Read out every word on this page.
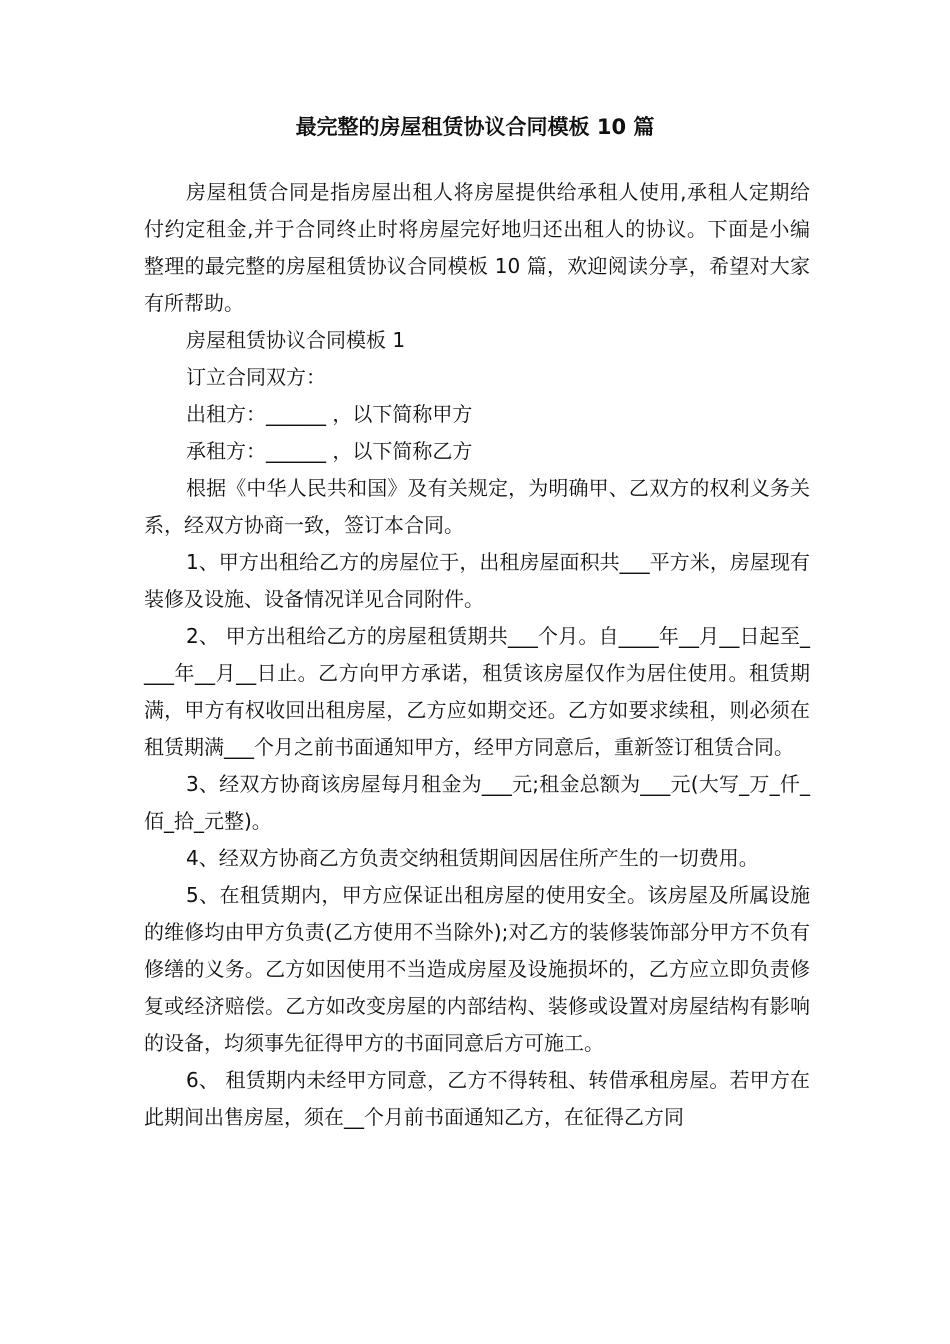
最完整的房屋租赁协议合同模板 10 篇

房屋租赁合同是指房屋出租人将房屋提供给承租人使用,承租人定期给付约定租金,并于合同终止时将房屋完好地归还出租人的协议。下面是小编整理的最完整的房屋租赁协议合同模板 10 篇，欢迎阅读分享，希望对大家有所帮助。

房屋租赁协议合同模板 1

订立合同双方：

出租方：______ ，以下简称甲方

承租方：______ ，以下简称乙方

根据《中华人民共和国》及有关规定，为明确甲、乙双方的权利义务关系，经双方协商一致，签订本合同。

1、甲方出租给乙方的房屋位于，出租房屋面积共___平方米，房屋现有装修及设施、设备情况详见合同附件。

2、 甲方出租给乙方的房屋租赁期共___个月。自____年__月__日起至____年__月__日止。乙方向甲方承诺，租赁该房屋仅作为居住使用。租赁期满，甲方有权收回出租房屋，乙方应如期交还。乙方如要求续租，则必须在租赁期满___个月之前书面通知甲方，经甲方同意后，重新签订租赁合同。

3、经双方协商该房屋每月租金为___元;租金总额为___元(大写_万_仟_佰_拾_元整)。

4、经双方协商乙方负责交纳租赁期间因居住所产生的一切费用。

5、在租赁期内，甲方应保证出租房屋的使用安全。该房屋及所属设施的维修均由甲方负责(乙方使用不当除外);对乙方的装修装饰部分甲方不负有修缮的义务。乙方如因使用不当造成房屋及设施损坏的，乙方应立即负责修复或经济赔偿。乙方如改变房屋的内部结构、装修或设置对房屋结构有影响的设备，均须事先征得甲方的书面同意后方可施工。

6、 租赁期内未经甲方同意，乙方不得转租、转借承租房屋。若甲方在此期间出售房屋，须在__个月前书面通知乙方，在征得乙方同
